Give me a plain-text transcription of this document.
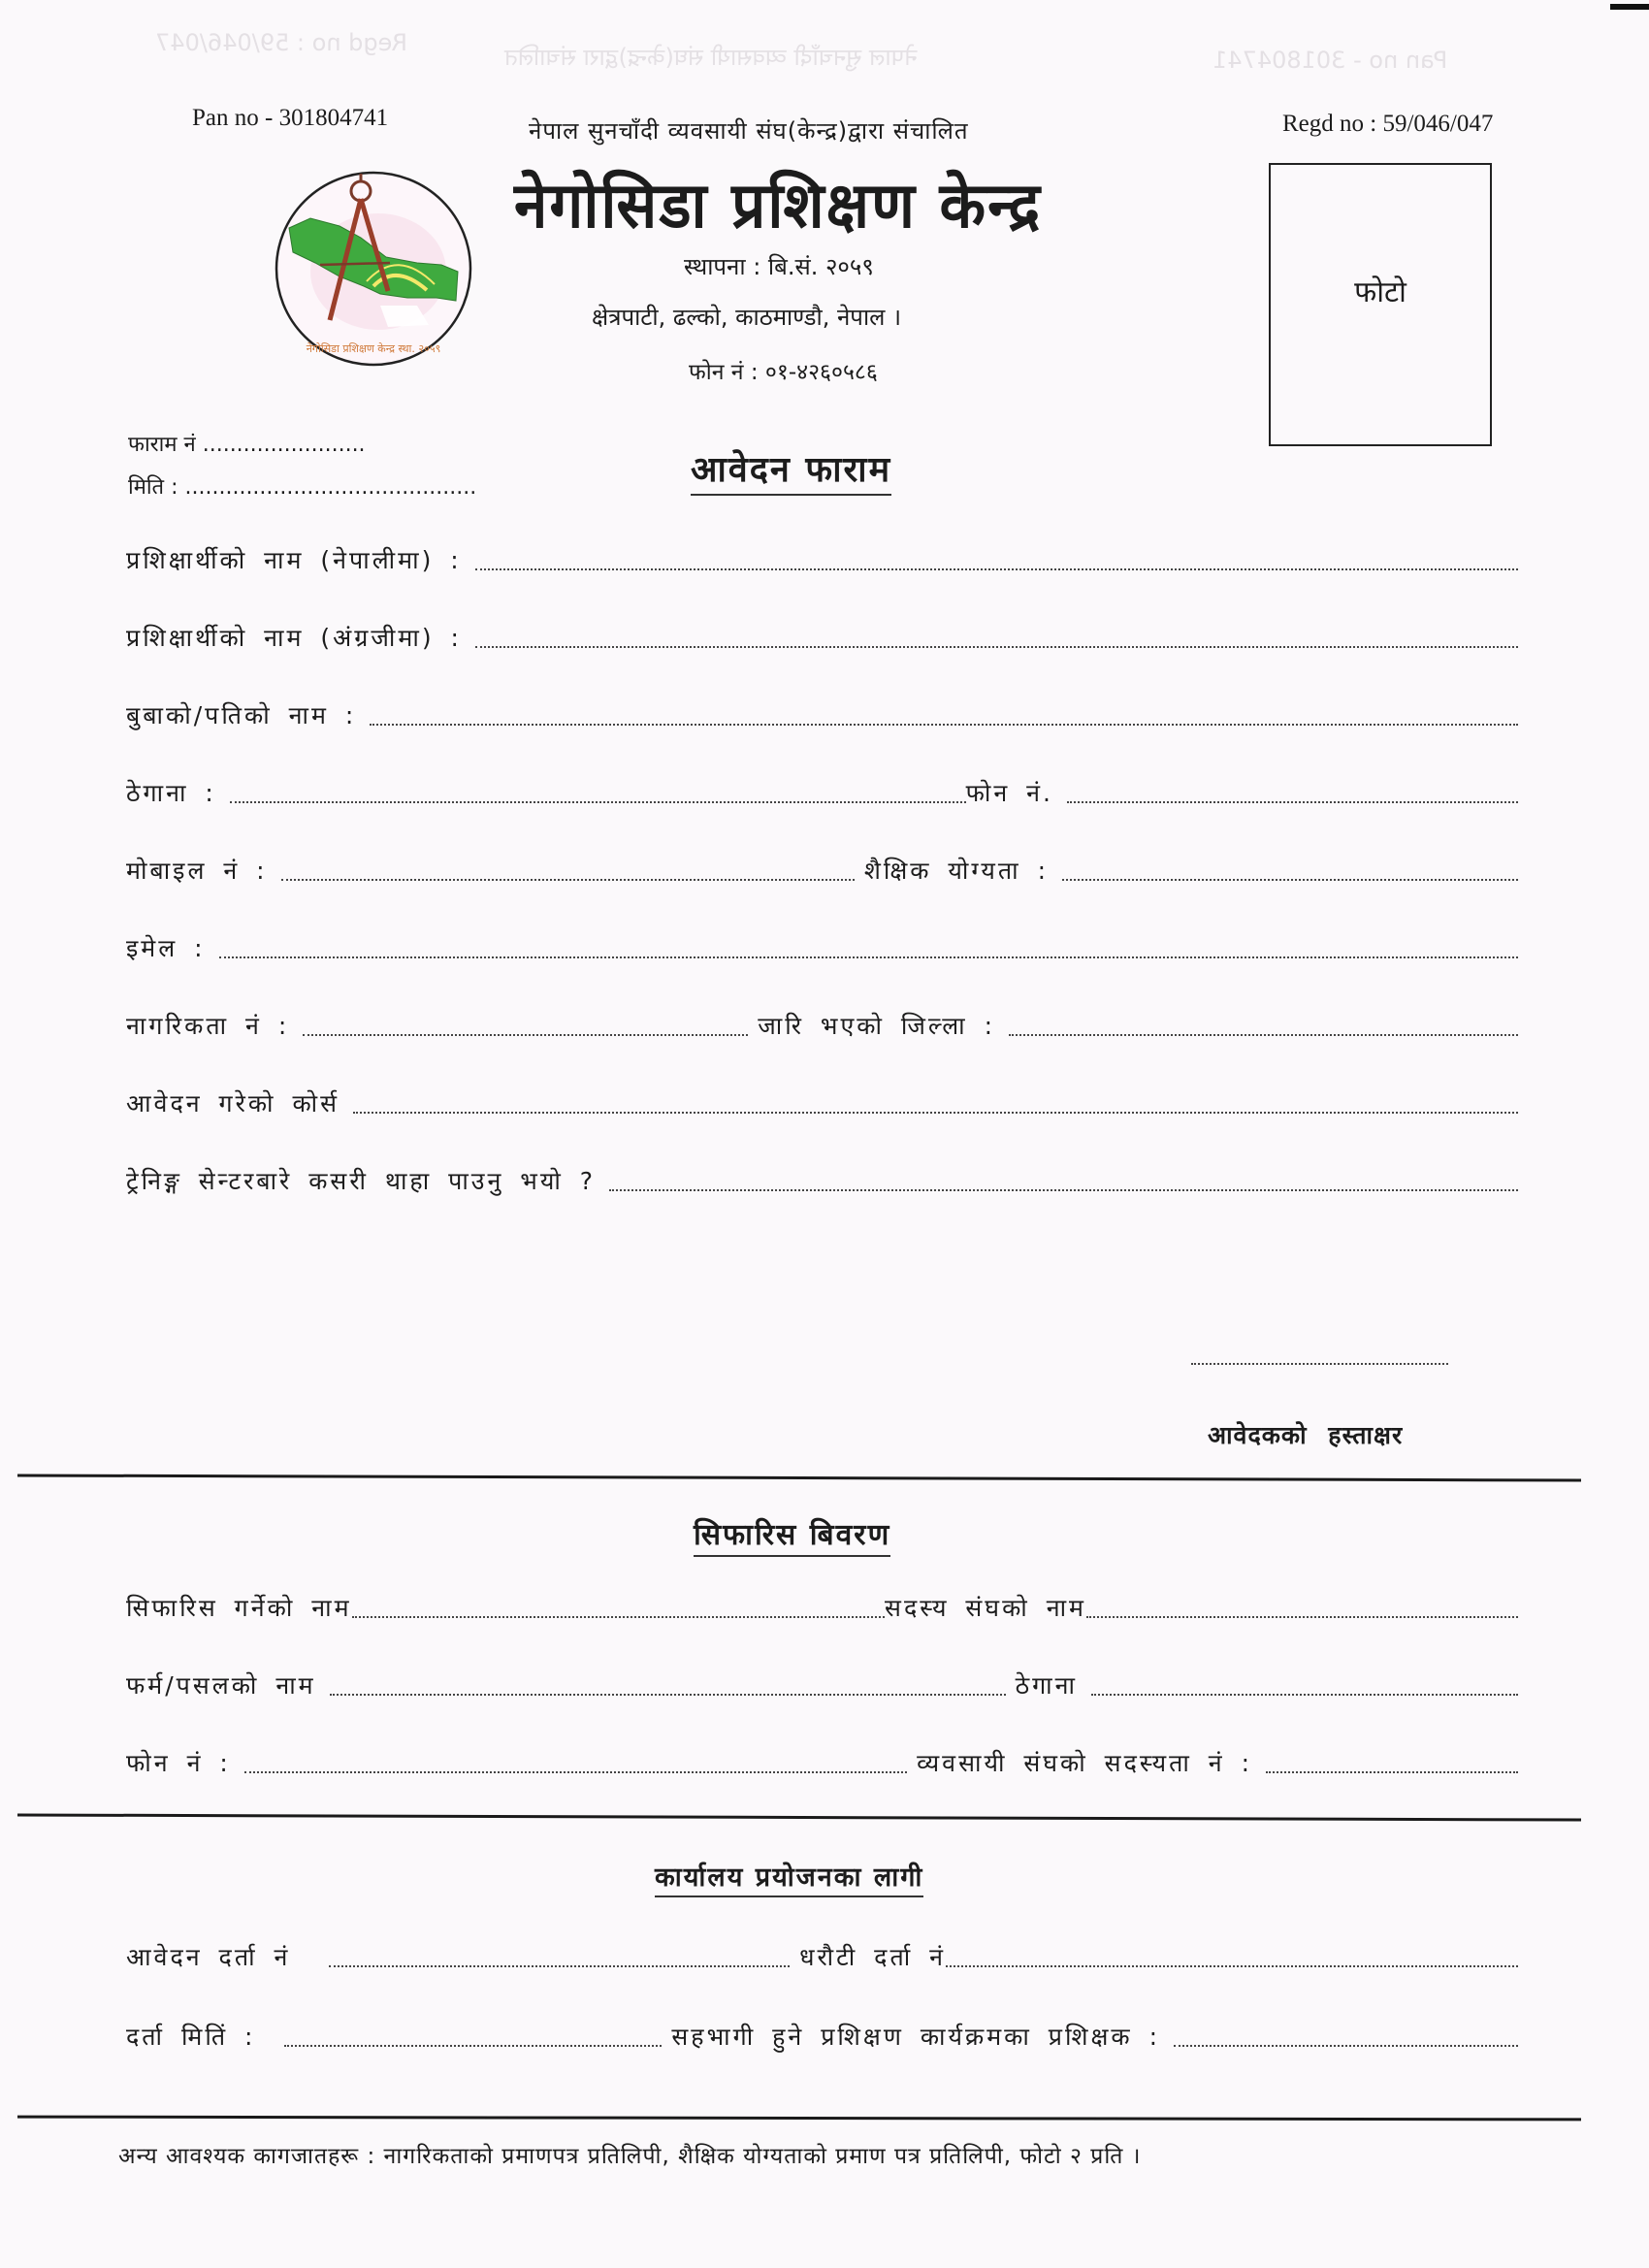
Regd no : 59/046/047
नेपाल सुनचाँदी व्यवसायी संघ(केन्द्र)द्वारा संचालित	Pan no - 301804741
Pan no - 301804741	Regd no : 59/046/047
नेपाल सुनचाँदी व्यवसायी संघ(केन्द्र)द्वारा संचालित
नेगोसिडा प्रशिक्षण केन्द्र
स्थापना : बि.सं. २०५९
क्षेत्रपाटी, ढल्को, काठमाण्डौ, नेपाल ।
फोन नं : ०१-४२६०५८६
नेगोसिडा प्रशिक्षण केन्द्र स्था. २०५९
फोटो
फाराम नं ........................
मिति : ...........................................	आवेदन फाराम
प्रशिक्षार्थीको नाम (नेपालीमा) :
प्रशिक्षार्थीको नाम (अंग्रजीमा) :
बुबाको/पतिको नाम :
ठेगाना :	फोन नं.
मोबाइल नं :	शैक्षिक योग्यता :
इमेल :
नागरिकता नं :	जारि भएको जिल्ला :
आवेदन गरेको कोर्स
ट्रेनिङ्ग सेन्टरबारे कसरी थाहा पाउनु भयो ?
आवेदकको हस्ताक्षर
सिफारिस बिवरण
सिफारिस गर्नेको नाम	सदस्य संघको नाम
फर्म/पसलको नाम	ठेगाना
फोन नं :	व्यवसायी संघको सदस्यता नं :
कार्यालय प्रयोजनका लागी
आवेदन दर्ता नं	धरौटी दर्ता नं
दर्ता मितिं :	सहभागी हुने प्रशिक्षण कार्यक्रमका प्रशिक्षक :
अन्य आवश्यक कागजातहरू : नागरिकताको प्रमाणपत्र प्रतिलिपी, शैक्षिक योग्यताको प्रमाण पत्र प्रतिलिपी, फोटो २ प्रति ।
